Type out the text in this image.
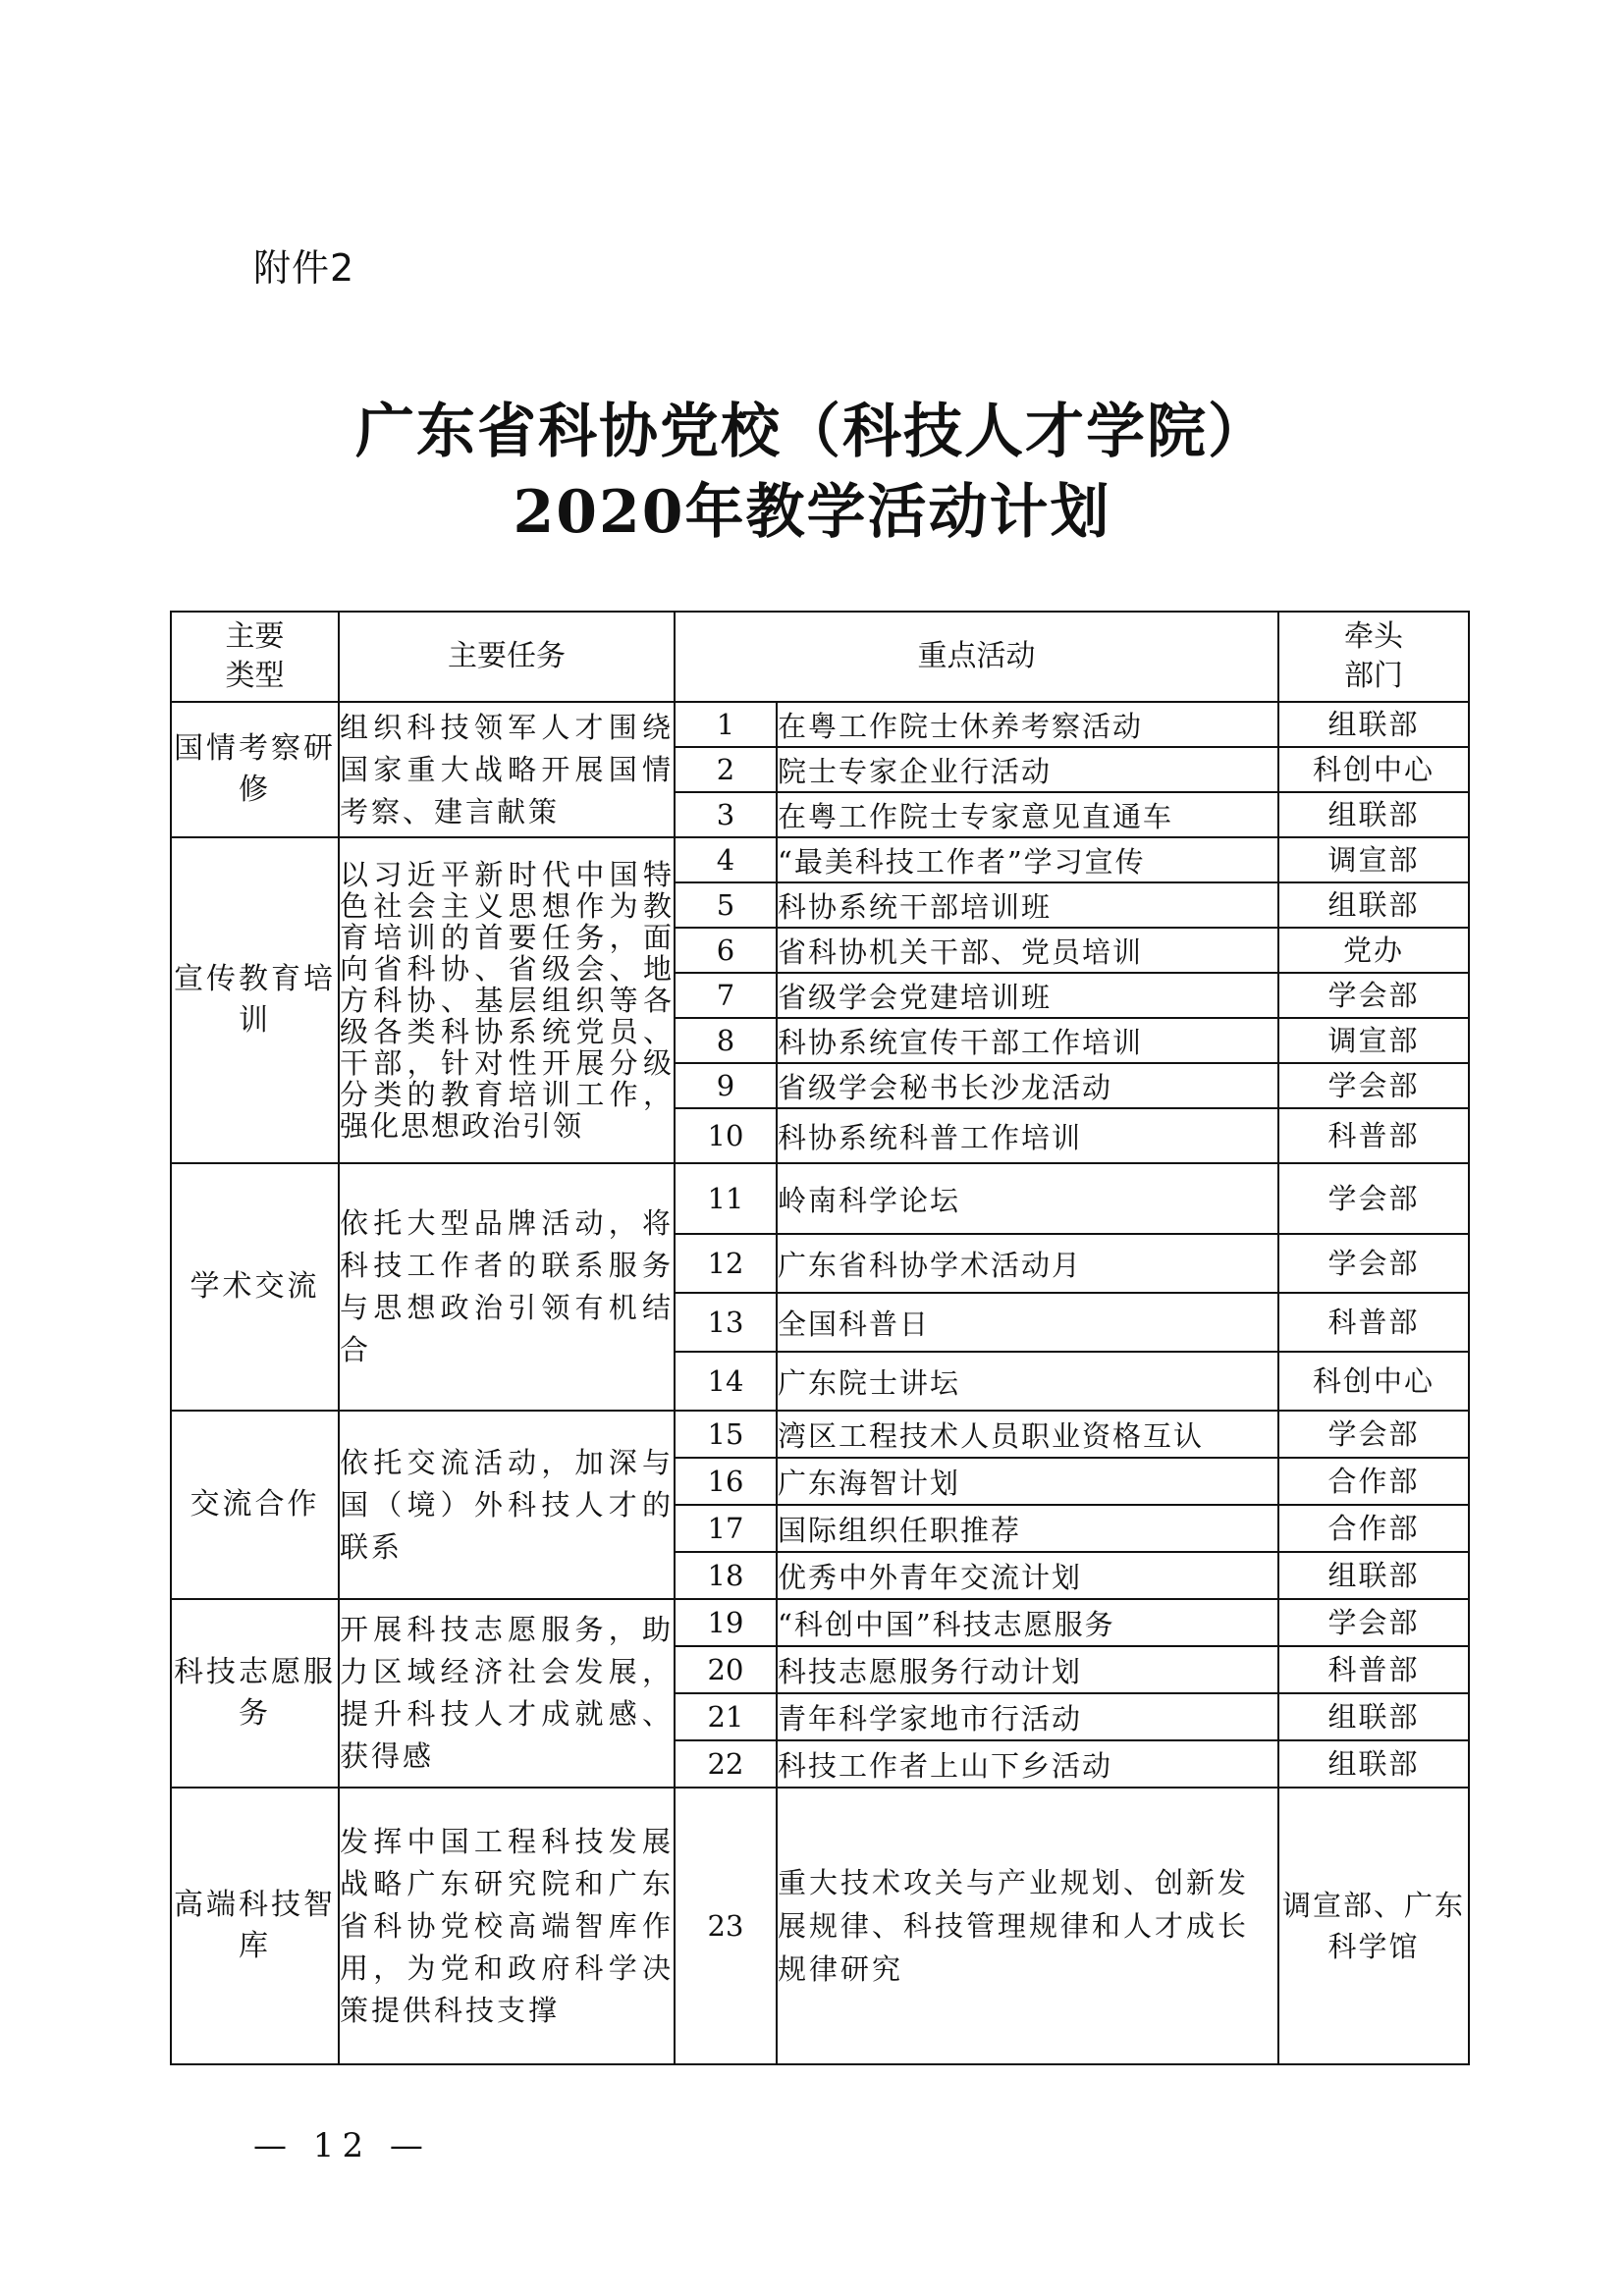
附件2
广东省科协党校（科技人才学院）
2020年教学活动计划
主要类型	主要任务	重点活动		牵头部门
国情考察研 修	组织科技领军人才围绕国家重大战略开展国情考察、建言献策	1	在粤工作院士休养考察活动	组联部
		2	院士专家企业行活动	科创中心
		3	在粤工作院士专家意见直通车	组联部
宣传教育培训	以习近平新时代中国特色社会主义思想作为教育培训的首要任务，面向省科协、省级会、地方科协、基层组织等各级各类科协系统党员、干部，针对性开展分级分类的教育培训工作，强化思想政治引领	4	“最美科技工作者”学习宣传	调宣部
		5	科协系统干部培训班	组联部
		6	省科协机关干部、党员培训	党办
		7	省级学会党建培训班	学会部
		8	科协系统宣传干部工作培训	调宣部
		9	省级学会秘书长沙龙活动	学会部
		10	科协系统科普工作培训	科普部
学术交流	依托大型品牌活动，将科技工作者的联系服务与思想政治引领有机结合	11	岭南科学论坛	学会部
		12	广东省科协学术活动月	学会部
		13	全国科普日	科普部
		14	广东院士讲坛	科创中心
交流合作	依托交流活动，加深与国（境）外科技人才的联系	15	湾区工程技术人员职业资格互认	学会部
		16	广东海智计划	合作部
		17	国际组织任职推荐	合作部
		18	优秀中外青年交流计划	组联部
科技志愿服 务	开展科技志愿服务，助力区域经济社会发展，提升科技人才成就感、获得感	19	“科创中国”科技志愿服务	学会部
		20	科技志愿服务行动计划	科普部
		21	青年科学家地市行活动	组联部
		22	科技工作者上山下乡活动	组联部
高端科技智 库	发挥中国工程科技发展战略广东研究院和广东省科协党校高端智库作用，为党和政府科学决策提供科技支撑	23	重大技术攻关与产业规划、创新发展规律、科技管理规律和人才成长规律研究	调宣部、广东科学馆
— 12 —
